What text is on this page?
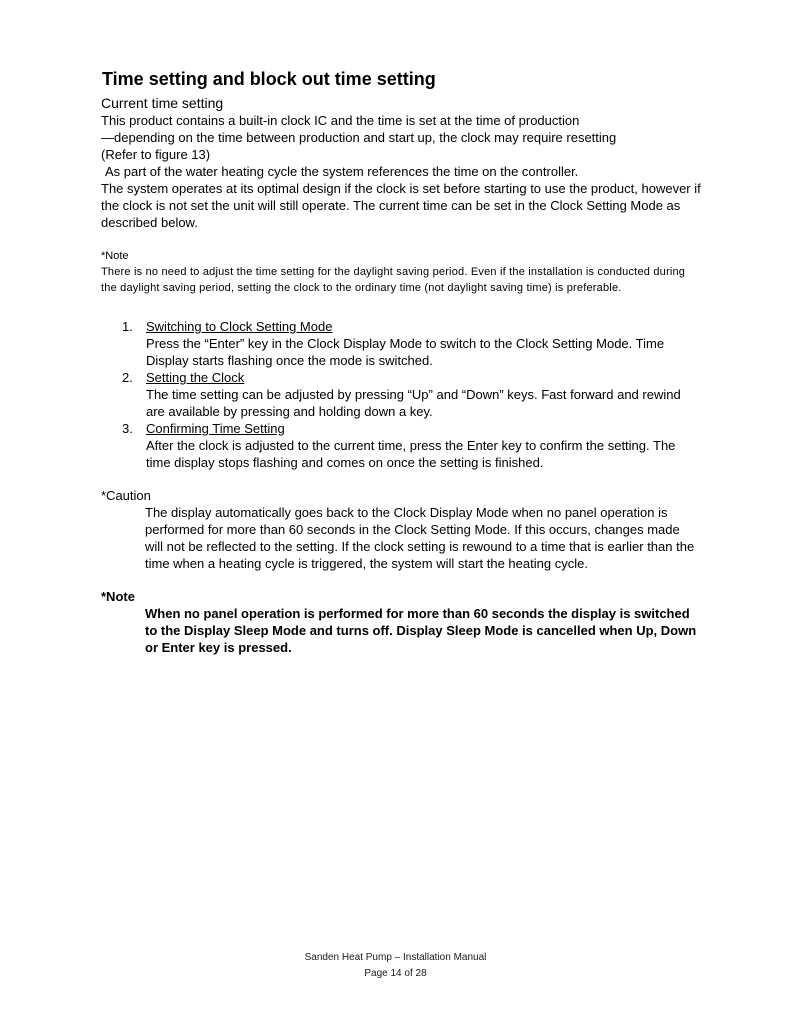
Time setting and block out time setting

Current time setting

This product contains a built-in clock IC and the time is set at the time of production

―depending on the time between production and start up, the clock may require resetting

(Refer to figure 13)

As part of the water heating cycle the system references the time on the controller.

The system operates at its optimal design if the clock is set before starting to use the product, however if the clock is not set the unit will still operate. The current time can be set in the Clock Setting Mode as described below.

*Note

There is no need to adjust the time setting for the daylight saving period. Even if the installation is conducted during the daylight saving period, setting the clock to the ordinary time (not daylight saving time) is preferable.

1. Switching to Clock Setting Mode
Press the “Enter” key in the Clock Display Mode to switch to the Clock Setting Mode. Time Display starts flashing once the mode is switched.
2. Setting the Clock
The time setting can be adjusted by pressing “Up” and “Down” keys. Fast forward and rewind are available by pressing and holding down a key.
3. Confirming Time Setting
After the clock is adjusted to the current time, press the Enter key to confirm the setting. The time display stops flashing and comes on once the setting is finished.

*Caution

The display automatically goes back to the Clock Display Mode when no panel operation is performed for more than 60 seconds in the Clock Setting Mode. If this occurs, changes made will not be reflected to the setting. If the clock setting is rewound to a time that is earlier than the time when a heating cycle is triggered, the system will start the heating cycle.

*Note

When no panel operation is performed for more than 60 seconds the display is switched to the Display Sleep Mode and turns off. Display Sleep Mode is cancelled when Up, Down or Enter key is pressed.

Sanden Heat Pump – Installation Manual
Page 14 of 28
